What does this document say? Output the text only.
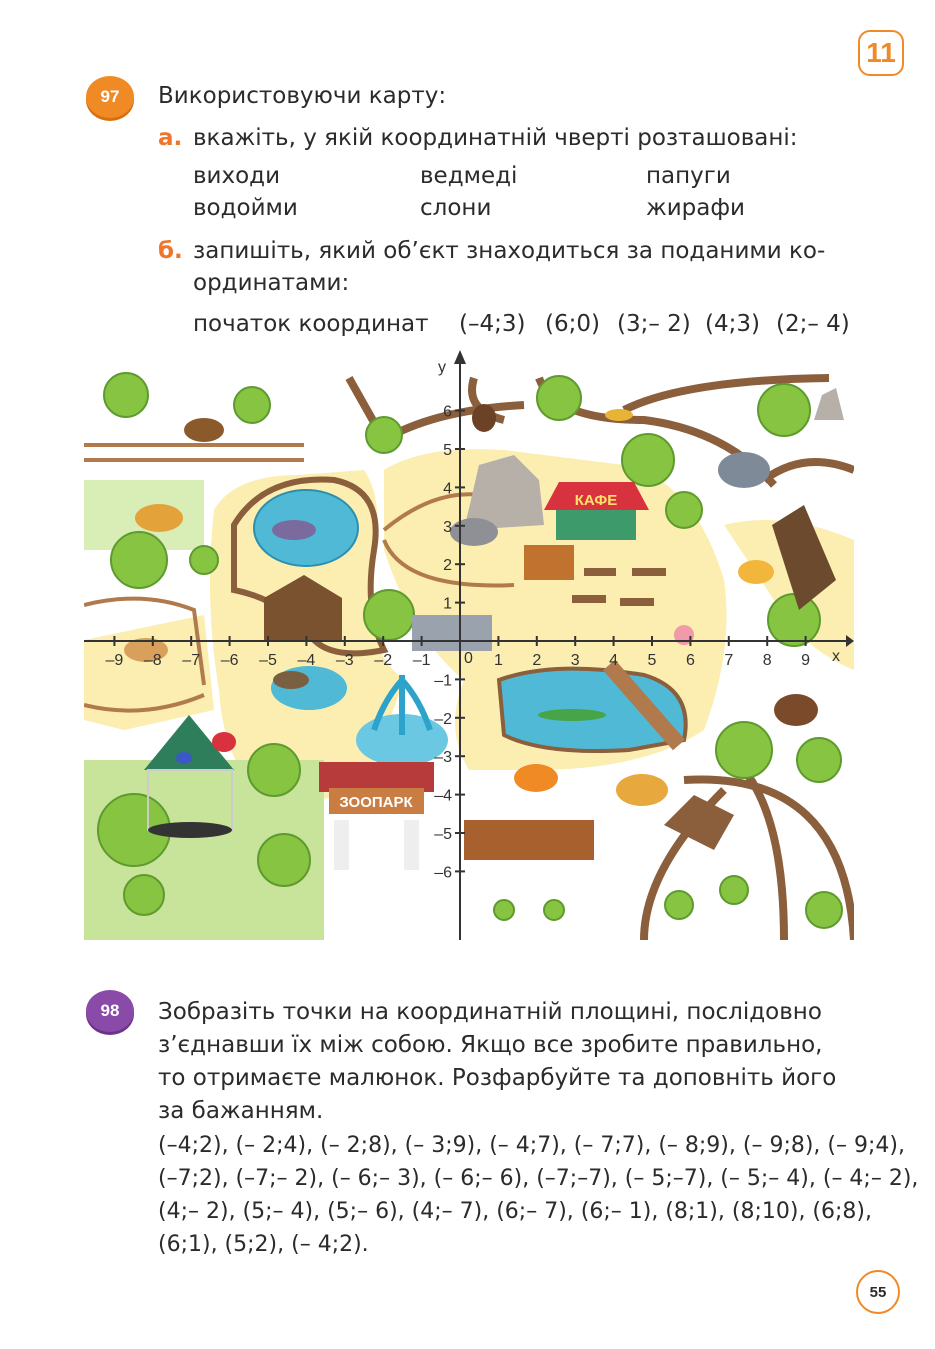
11
97	Використовуючи карту:
а. вкажіть, у якій координатній чверті розташовані:
виходи	ведмеді	папуги
водойми	слони	жирафи
б. запишіть, який об’єкт знаходиться за поданими ко-
ординатами:
початок координат (–4;3) (6;0) (3;– 2) (4;3) (2;– 4)
КАФЕ
ЗООПАРК
x
y
0
–9 –8 –7 –6 –5 –4 –3 –2 –1	1 2 3 4 5 6 7 8 9
1
2
3
4
5
6
–1
–2
–3
–4
–5
–6
98	Зобразіть точки на координатній площині, послідовно
з’єднавши їх між собою. Якщо все зробите правильно,
то отримаєте малюнок. Розфарбуйте та доповніть його
за бажанням.
(–4;2), (– 2;4), (– 2;8), (– 3;9), (– 4;7), (– 7;7), (– 8;9), (– 9;8), (– 9;4),
(–7;2), (–7;– 2), (– 6;– 3), (– 6;– 6), (–7;–7), (– 5;–7), (– 5;– 4), (– 4;– 2),
(4;– 2), (5;– 4), (5;– 6), (4;– 7), (6;– 7), (6;– 1), (8;1), (8;10), (6;8),
(6;1), (5;2), (– 4;2).
55
